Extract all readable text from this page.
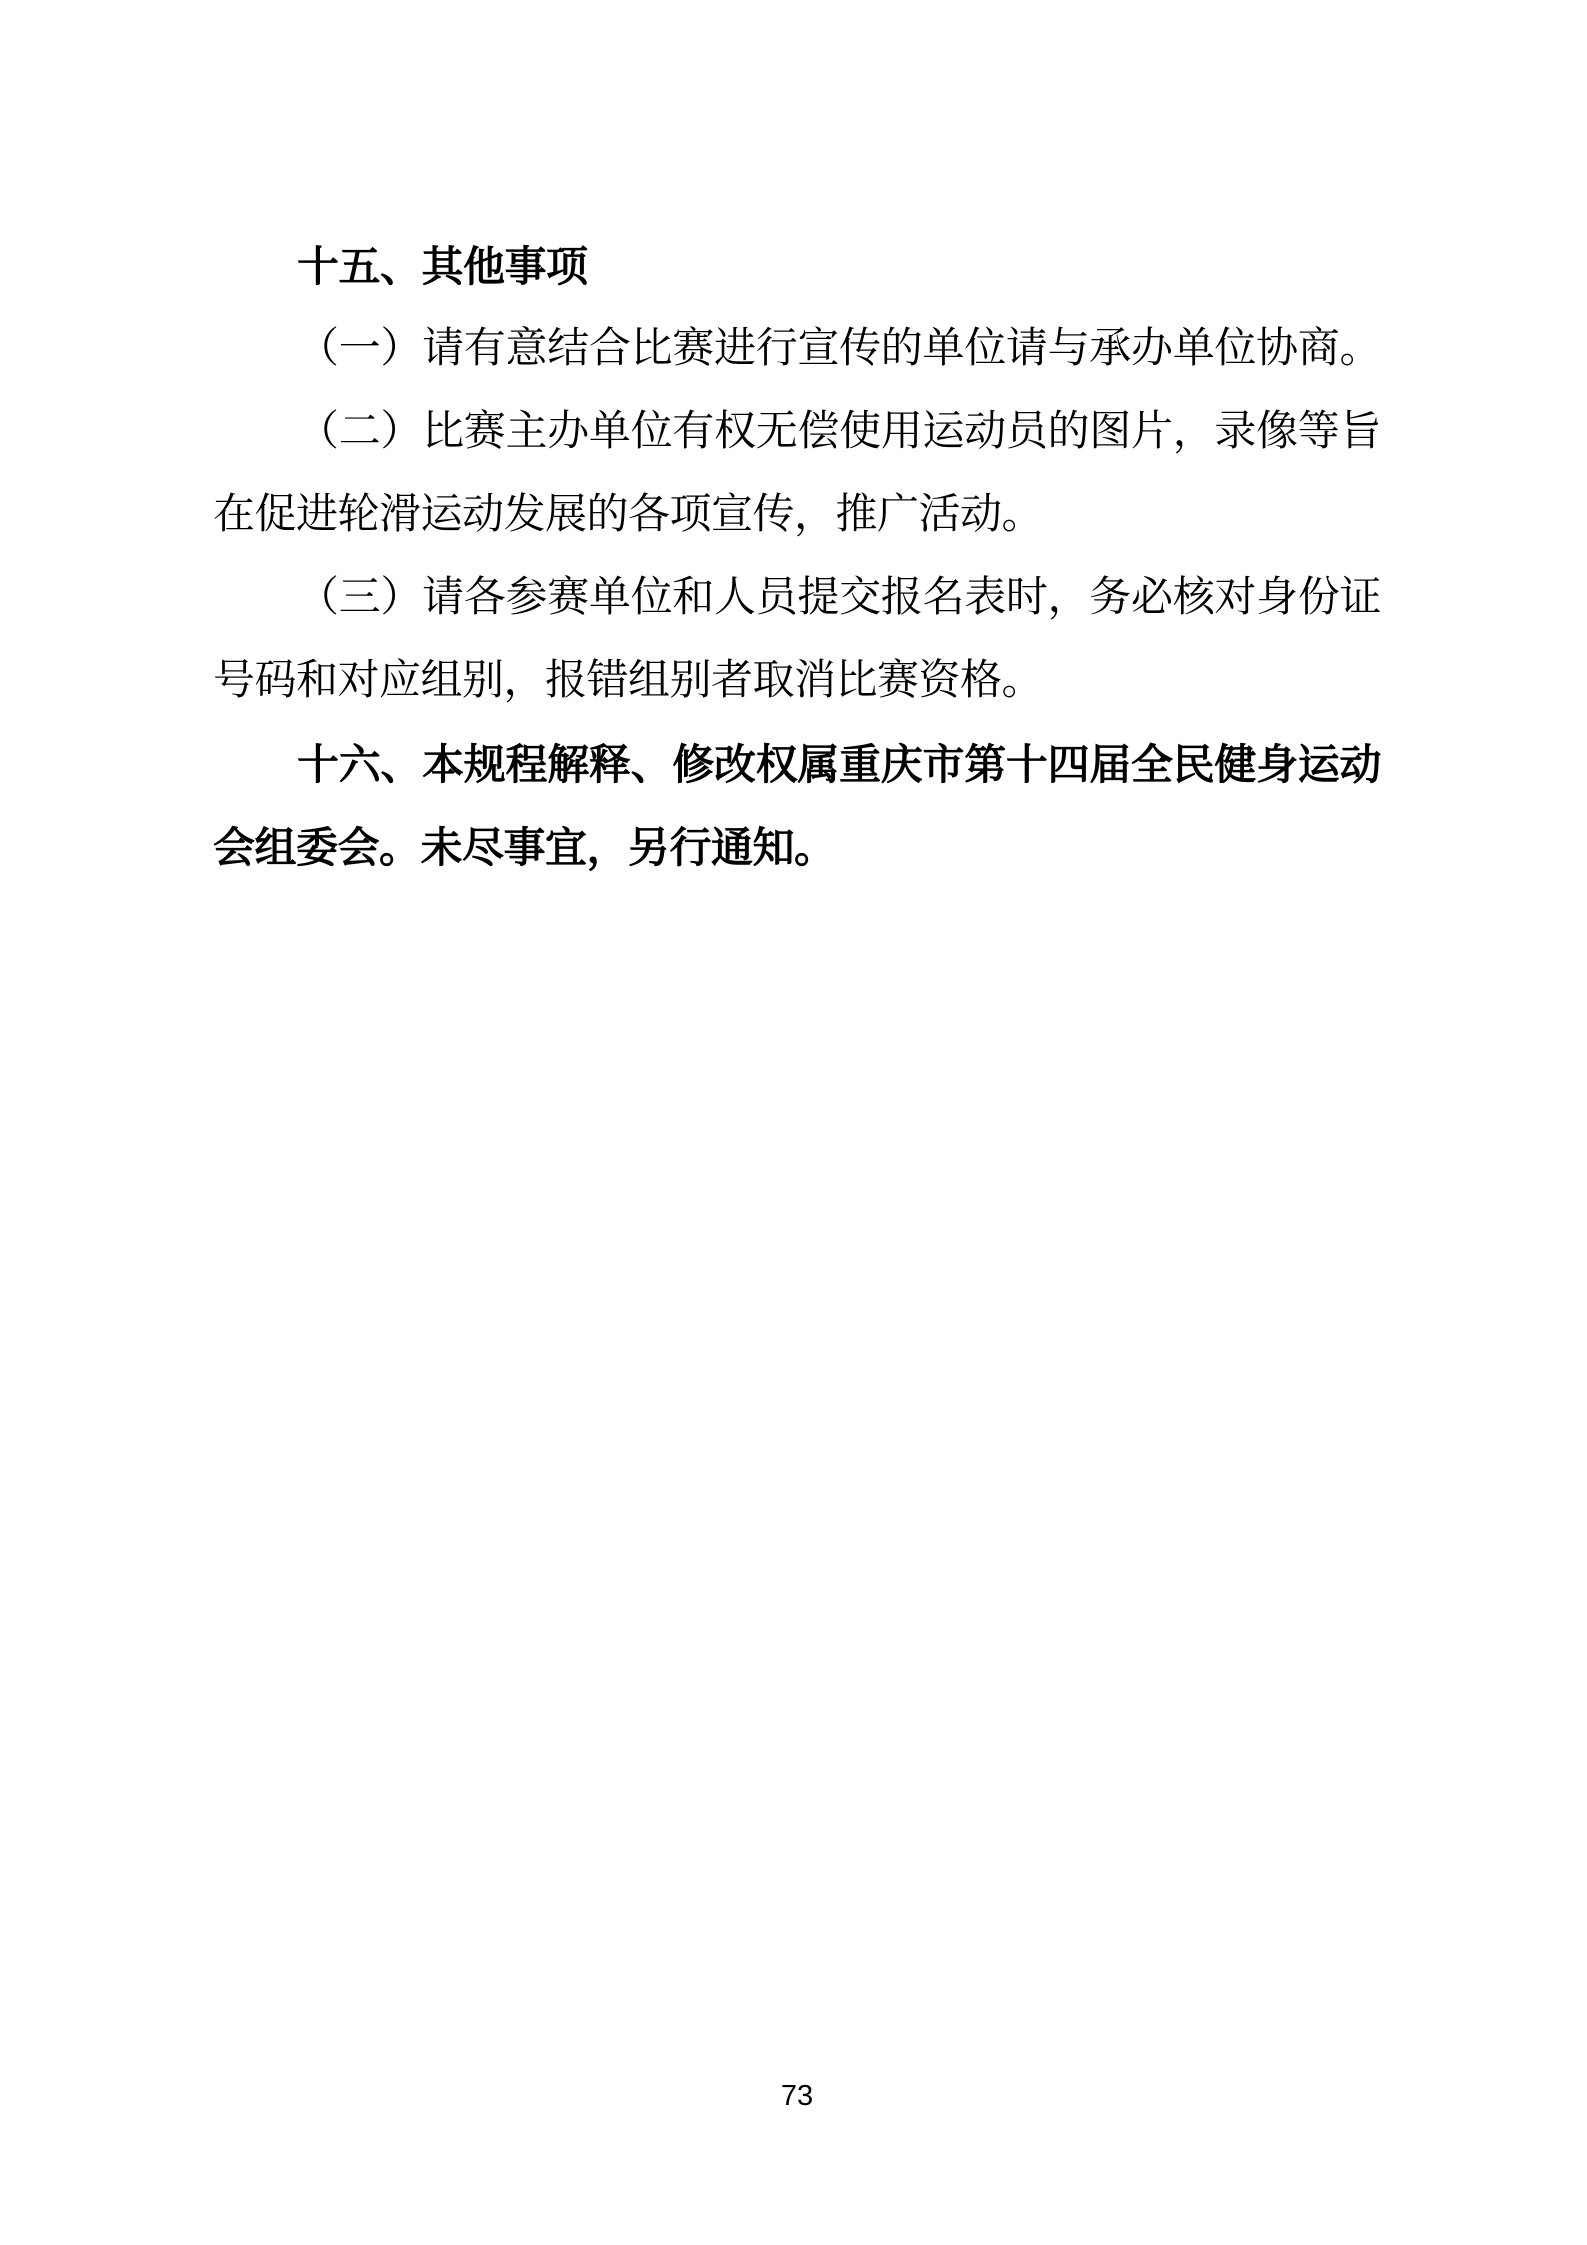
十五、其他事项
（一）请有意结合比赛进行宣传的单位请与承办单位协商。
（二）比赛主办单位有权无偿使用运动员的图片，录像等旨
在促进轮滑运动发展的各项宣传，推广活动。
（三）请各参赛单位和人员提交报名表时，务必核对身份证
号码和对应组别，报错组别者取消比赛资格。
十六、本规程解释、修改权属重庆市第十四届全民健身运动
会组委会。未尽事宜，另行通知。
73
